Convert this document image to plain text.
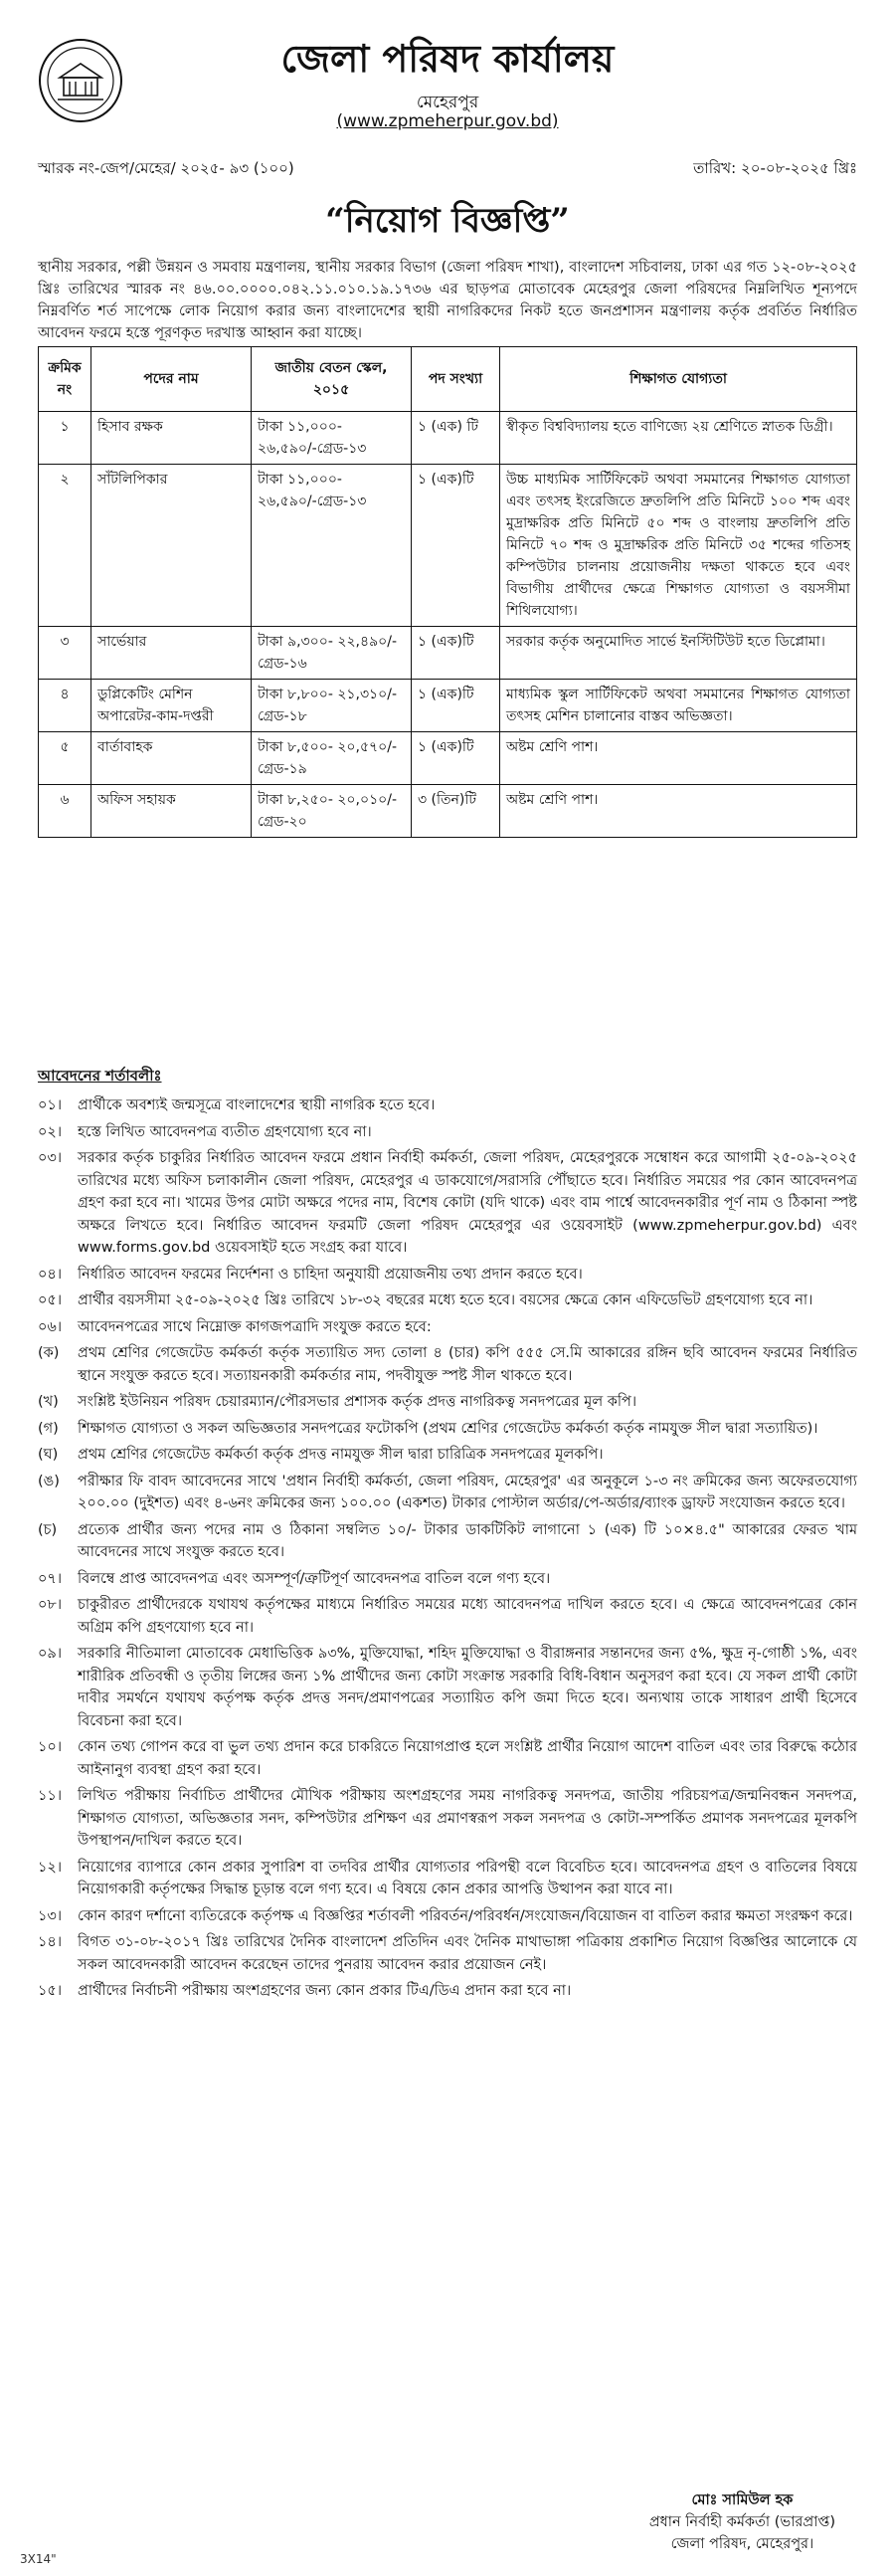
জেলা পরিষদ কার্যালয়
মেহেরপুর
(www.zpmeherpur.gov.bd)
স্মারক নং-জেপ/মেহের/ ২০২৫- ৯৩ (১০০)	তারিখ: ২০-০৮-২০২৫ খ্রিঃ
“নিয়োগ বিজ্ঞপ্তি”
স্থানীয় সরকার, পল্লী উন্নয়ন ও সমবায় মন্ত্রণালয়, স্থানীয় সরকার বিভাগ (জেলা পরিষদ শাখা), বাংলাদেশ সচিবালয়, ঢাকা এর গত ১২-০৮-২০২৫ খ্রিঃ তারিখের স্মারক নং ৪৬.০০.০০০০.০৪২.১১.০১০.১৯.১৭৩৬ এর ছাড়পত্র মোতাবেক মেহেরপুর জেলা পরিষদের নিম্নলিখিত শূন্যপদে নিম্নবর্ণিত শর্ত সাপেক্ষে লোক নিয়োগ করার জন্য বাংলাদেশের স্থায়ী নাগরিকদের নিকট হতে জনপ্রশাসন মন্ত্রণালয় কর্তৃক প্রবর্তিত নির্ধারিত আবেদন ফরমে হস্তে পূরণকৃত দরখাস্ত আহ্বান করা যাচ্ছে।
ক্রমিক নং	পদের নাম	জাতীয় বেতন স্কেল, ২০১৫	পদ সংখ্যা	শিক্ষাগত যোগ্যতা
১	হিসাব রক্ষক	টাকা ১১,০০০- ২৬,৫৯০/-গ্রেড-১৩	১ (এক) টি	স্বীকৃত বিশ্ববিদ্যালয় হতে বাণিজ্যে ২য় শ্রেণিতে স্নাতক ডিগ্রী।
২	সাঁটলিপিকার	টাকা ১১,০০০- ২৬,৫৯০/-গ্রেড-১৩	১ (এক)টি	উচ্চ মাধ্যমিক সার্টিফিকেট অথবা সমমানের শিক্ষাগত যোগ্যতা এবং তৎসহ ইংরেজিতে দ্রুতলিপি প্রতি মিনিটে ১০০ শব্দ এবং মুদ্রাক্ষরিক প্রতি মিনিটে ৫০ শব্দ ও বাংলায় দ্রুতলিপি প্রতি মিনিটে ৭০ শব্দ ও মুদ্রাক্ষরিক প্রতি মিনিটে ৩৫ শব্দের গতিসহ কম্পিউটার চালনায় প্রয়োজনীয় দক্ষতা থাকতে হবে এবং বিভাগীয় প্রার্থীদের ক্ষেত্রে শিক্ষাগত যোগ্যতা ও বয়সসীমা শিথিলযোগ্য।
৩	সার্ভেয়ার	টাকা ৯,৩০০- ২২,৪৯০/- গ্রেড-১৬	১ (এক)টি	সরকার কর্তৃক অনুমোদিত সার্ভে ইনস্টিটিউট হতে ডিপ্লোমা।
৪	ডুপ্লিকেটিং মেশিন অপারেটর-কাম-দপ্তরী	টাকা ৮,৮০০- ২১,৩১০/-গ্রেড-১৮	১ (এক)টি	মাধ্যমিক স্কুল সার্টিফিকেট অথবা সমমানের শিক্ষাগত যোগ্যতা তৎসহ মেশিন চালানোর বাস্তব অভিজ্ঞতা।
৫	বার্তাবাহক	টাকা ৮,৫০০- ২০,৫৭০/-গ্রেড-১৯	১ (এক)টি	অষ্টম শ্রেণি পাশ।
৬	অফিস সহায়ক	টাকা ৮,২৫০- ২০,০১০/-গ্রেড-২০	৩ (তিন)টি	অষ্টম শ্রেণি পাশ।
আবেদনের শর্তাবলীঃ
০১।	প্রার্থীকে অবশ্যই জন্মসূত্রে বাংলাদেশের স্থায়ী নাগরিক হতে হবে।
০২।	হস্তে লিখিত আবেদনপত্র ব্যতীত গ্রহণযোগ্য হবে না।
০৩।	সরকার কর্তৃক চাকুরির নির্ধারিত আবেদন ফরমে প্রধান নির্বাহী কর্মকর্তা, জেলা পরিষদ, মেহেরপুরকে সম্বোধন করে আগামী ২৫-০৯-২০২৫ তারিখের মধ্যে অফিস চলাকালীন জেলা পরিষদ, মেহেরপুর এ ডাকযোগে/সরাসরি পৌঁছাতে হবে। নির্ধারিত সময়ের পর কোন আবেদনপত্র গ্রহণ করা হবে না। খামের উপর মোটা অক্ষরে পদের নাম, বিশেষ কোটা (যদি থাকে) এবং বাম পার্শ্বে আবেদনকারীর পূর্ণ নাম ও ঠিকানা স্পষ্ট অক্ষরে লিখতে হবে। নির্ধারিত আবেদন ফরমটি জেলা পরিষদ মেহেরপুর এর ওয়েবসাইট (www.zpmeherpur.gov.bd) এবং www.forms.gov.bd ওয়েবসাইট হতে সংগ্রহ করা যাবে।
০৪।	নির্ধারিত আবেদন ফরমের নির্দেশনা ও চাহিদা অনুযায়ী প্রয়োজনীয় তথ্য প্রদান করতে হবে।
০৫।	প্রার্থীর বয়সসীমা ২৫-০৯-২০২৫ খ্রিঃ তারিখে ১৮-৩২ বছরের মধ্যে হতে হবে। বয়সের ক্ষেত্রে কোন এফিডেভিট গ্রহণযোগ্য হবে না।
০৬।	আবেদনপত্রের সাথে নিম্নোক্ত কাগজপত্রাদি সংযুক্ত করতে হবে:
(ক)	প্রথম শ্রেণির গেজেটেড কর্মকর্তা কর্তৃক সত্যায়িত সদ্য তোলা ৪ (চার) কপি ৫৫৫ সে.মি আকারের রঙ্গিন ছবি আবেদন ফরমের নির্ধারিত স্থানে সংযুক্ত করতে হবে। সত্যায়নকারী কর্মকর্তার নাম, পদবীযুক্ত স্পষ্ট সীল থাকতে হবে।
(খ)	সংশ্লিষ্ট ইউনিয়ন পরিষদ চেয়ারম্যান/পৌরসভার প্রশাসক কর্তৃক প্রদত্ত নাগরিকত্ব সনদপত্রের মূল কপি।
(গ)	শিক্ষাগত যোগ্যতা ও সকল অভিজ্ঞতার সনদপত্রের ফটোকপি (প্রথম শ্রেণির গেজেটেড কর্মকর্তা কর্তৃক নামযুক্ত সীল দ্বারা সত্যায়িত)।
(ঘ)	প্রথম শ্রেণির গেজেটেড কর্মকর্তা কর্তৃক প্রদত্ত নামযুক্ত সীল দ্বারা চারিত্রিক সনদপত্রের মূলকপি।
(ঙ)	পরীক্ষার ফি বাবদ আবেদনের সাথে 'প্রধান নির্বাহী কর্মকর্তা, জেলা পরিষদ, মেহেরপুর' এর অনুকূলে ১-৩ নং ক্রমিকের জন্য অফেরতযোগ্য ২০০.০০ (দুইশত) এবং ৪-৬নং ক্রমিকের জন্য ১০০.০০ (একশত) টাকার পোস্টাল অর্ডার/পে-অর্ডার/ব্যাংক ড্রাফট সংযোজন করতে হবে।
(চ)	প্রত্যেক প্রার্থীর জন্য পদের নাম ও ঠিকানা সম্বলিত ১০/- টাকার ডাকটিকিট লাগানো ১ (এক) টি ১০×৪.৫" আকারের ফেরত খাম আবেদনের সাথে সংযুক্ত করতে হবে।
০৭।	বিলম্বে প্রাপ্ত আবেদনপত্র এবং অসম্পূর্ণ/ত্রুটিপূর্ণ আবেদনপত্র বাতিল বলে গণ্য হবে।
০৮।	চাকুরীরত প্রার্থীদেরকে যথাযথ কর্তৃপক্ষের মাধ্যমে নির্ধারিত সময়ের মধ্যে আবেদনপত্র দাখিল করতে হবে। এ ক্ষেত্রে আবেদনপত্রের কোন অগ্রিম কপি গ্রহণযোগ্য হবে না।
০৯।	সরকারি নীতিমালা মোতাবেক মেধাভিত্তিক ৯৩%, মুক্তিযোদ্ধা, শহিদ মুক্তিযোদ্ধা ও বীরাঙ্গনার সন্তানদের জন্য ৫%, ক্ষুদ্র নৃ-গোষ্ঠী ১%, এবং শারীরিক প্রতিবন্ধী ও তৃতীয় লিঙ্গের জন্য ১% প্রার্থীদের জন্য কোটা সংক্রান্ত সরকারি বিধি-বিধান অনুসরণ করা হবে। যে সকল প্রার্থী কোটা দাবীর সমর্থনে যথাযথ কর্তৃপক্ষ কর্তৃক প্রদত্ত সনদ/প্রমাণপত্রের সত্যায়িত কপি জমা দিতে হবে। অন্যথায় তাকে সাধারণ প্রার্থী হিসেবে বিবেচনা করা হবে।
১০।	কোন তথ্য গোপন করে বা ভুল তথ্য প্রদান করে চাকরিতে নিয়োগপ্রাপ্ত হলে সংশ্লিষ্ট প্রার্থীর নিয়োগ আদেশ বাতিল এবং তার বিরুদ্ধে কঠোর আইনানুগ ব্যবস্থা গ্রহণ করা হবে।
১১।	লিখিত পরীক্ষায় নির্বাচিত প্রার্থীদের মৌখিক পরীক্ষায় অংশগ্রহণের সময় নাগরিকত্ব সনদপত্র, জাতীয় পরিচয়পত্র/জন্মনিবন্ধন সনদপত্র, শিক্ষাগত যোগ্যতা, অভিজ্ঞতার সনদ, কম্পিউটার প্রশিক্ষণ এর প্রমাণস্বরূপ সকল সনদপত্র ও কোটা-সম্পর্কিত প্রমাণক সনদপত্রের মূলকপি উপস্থাপন/দাখিল করতে হবে।
১২।	নিয়োগের ব্যাপারে কোন প্রকার সুপারিশ বা তদবির প্রার্থীর যোগ্যতার পরিপন্থী বলে বিবেচিত হবে। আবেদনপত্র গ্রহণ ও বাতিলের বিষয়ে নিয়োগকারী কর্তৃপক্ষের সিদ্ধান্ত চূড়ান্ত বলে গণ্য হবে। এ বিষয়ে কোন প্রকার আপত্তি উত্থাপন করা যাবে না।
১৩।	কোন কারণ দর্শানো ব্যতিরেকে কর্তৃপক্ষ এ বিজ্ঞপ্তির শর্তাবলী পরিবর্তন/পরিবর্ধন/সংযোজন/বিয়োজন বা বাতিল করার ক্ষমতা সংরক্ষণ করে।
১৪।	বিগত ৩১-০৮-২০১৭ খ্রিঃ তারিখের দৈনিক বাংলাদেশ প্রতিদিন এবং দৈনিক মাথাভাঙ্গা পত্রিকায় প্রকাশিত নিয়োগ বিজ্ঞপ্তির আলোকে যে সকল আবেদনকারী আবেদন করেছেন তাদের পুনরায় আবেদন করার প্রয়োজন নেই।
১৫।	প্রার্থীদের নির্বাচনী পরীক্ষায় অংশগ্রহণের জন্য কোন প্রকার টিএ/ডিএ প্রদান করা হবে না।
মোঃ সামিউল হক
প্রধান নির্বাহী কর্মকর্তা (ভারপ্রাপ্ত)
জেলা পরিষদ, মেহেরপুর।
3X14"
